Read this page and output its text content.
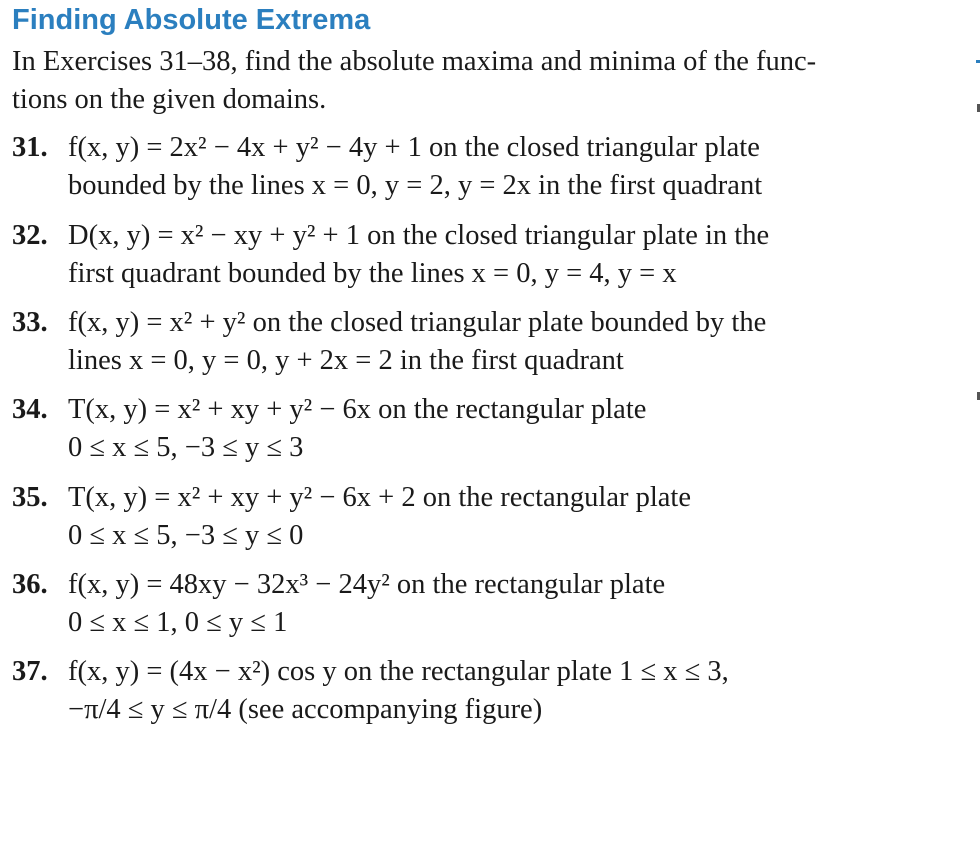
Finding Absolute Extrema
In Exercises 31–38, find the absolute maxima and minima of the func-
tions on the given domains.
31. f(x, y) = 2x² − 4x + y² − 4y + 1 on the closed triangular plate
bounded by the lines x = 0, y = 2, y = 2x in the first quadrant
32. D(x, y) = x² − xy + y² + 1 on the closed triangular plate in the
first quadrant bounded by the lines x = 0, y = 4, y = x
33. f(x, y) = x² + y² on the closed triangular plate bounded by the
lines x = 0, y = 0, y + 2x = 2 in the first quadrant
34. T(x, y) = x² + xy + y² − 6x on the rectangular plate
0 ≤ x ≤ 5, −3 ≤ y ≤ 3
35. T(x, y) = x² + xy + y² − 6x + 2 on the rectangular plate
0 ≤ x ≤ 5, −3 ≤ y ≤ 0
36. f(x, y) = 48xy − 32x³ − 24y² on the rectangular plate
0 ≤ x ≤ 1, 0 ≤ y ≤ 1
37. f(x, y) = (4x − x²) cos y on the rectangular plate 1 ≤ x ≤ 3,
−π/4 ≤ y ≤ π/4 (see accompanying figure)
